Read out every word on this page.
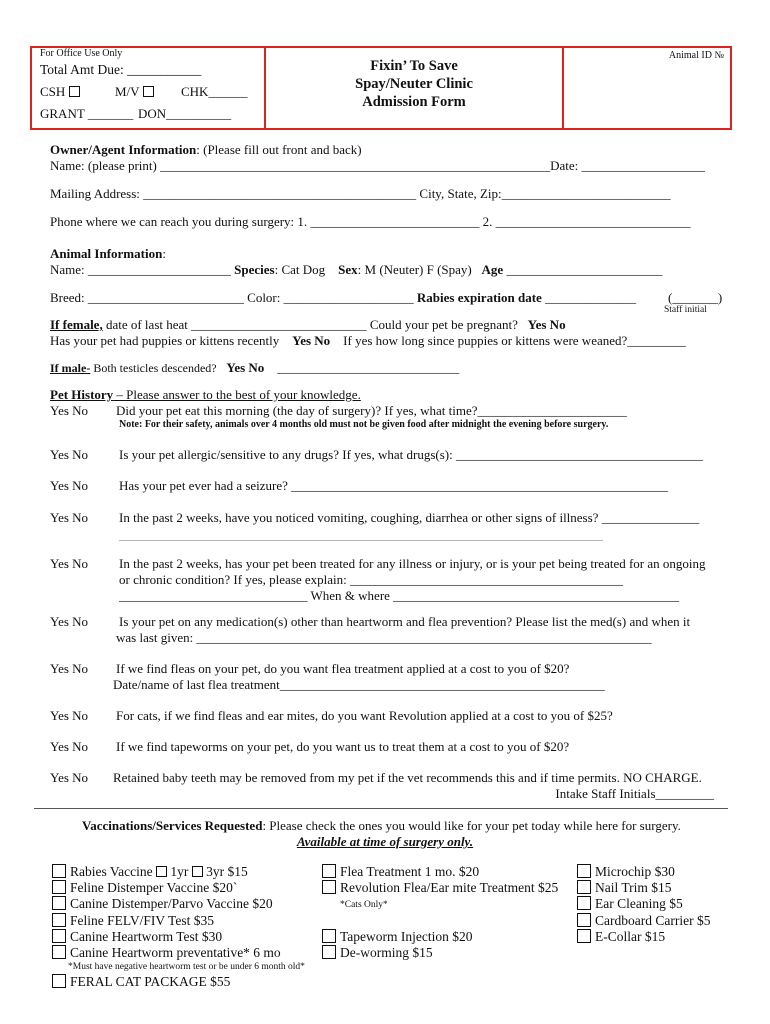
For Office Use Only
Total Amt Due: ___________
CSH	M/V	CHK______
GRANT _______ DON__________
Fixin’ To Save
Spay/Neuter Clinic
Admission Form
Animal ID №
Owner/Agent Information: (Please fill out front and back)
Name: (please print) ____________________________________________________________Date: ___________________
Mailing Address: __________________________________________ City, State, Zip:__________________________
Phone where we can reach you during surgery: 1. __________________________ 2. ______________________________
Animal Information:
Name: ______________________ Species: Cat Dog Sex: M (Neuter) F (Spay) Age ________________________
Breed: ________________________ Color: ____________________ Rabies expiration date ______________ (_______)
Staff initial
If female, date of last heat ___________________________ Could your pet be pregnant? Yes No
Has your pet had puppies or kittens recently Yes No If yes how long since puppies or kittens were weaned?_________
If male- Both testicles descended? Yes No ____________________________
Pet History – Please answer to the best of your knowledge.
Yes No Did your pet eat this morning (the day of surgery)? If yes, what time?_______________________
Note: For their safety, animals over 4 months old must not be given food after midnight the evening before surgery.
Yes No Is your pet allergic/sensitive to any drugs? If yes, what drugs(s): ______________________________________
Yes No Has your pet ever had a seizure? __________________________________________________________
Yes No In the past 2 weeks, have you noticed vomiting, coughing, diarrhea or other signs of illness? _______________
________________________________________________________________________________________
Yes No In the past 2 weeks, has your pet been treated for any illness or injury, or is your pet being treated for an ongoing
or chronic condition? If yes, please explain: __________________________________________
_____________________________ When & where ____________________________________________
Yes No Is your pet on any medication(s) other than heartworm and flea prevention? Please list the med(s) and when it
was last given: ______________________________________________________________________
Yes No If we find fleas on your pet, do you want flea treatment applied at a cost to you of $20?
Date/name of last flea treatment__________________________________________________
Yes No For cats, if we find fleas and ear mites, do you want Revolution applied at a cost to you of $25?
Yes No If we find tapeworms on your pet, do you want us to treat them at a cost to you of $20?
Yes No Retained baby teeth may be removed from my pet if the vet recommends this and if time permits. NO CHARGE.
Intake Staff Initials_________
Vaccinations/Services Requested: Please check the ones you would like for your pet today while here for surgery.
Available at time of surgery only.
Rabies Vaccine 1yr 3yr $15
Feline Distemper Vaccine $20`
Canine Distemper/Parvo Vaccine $20
Feline FELV/FIV Test $35
Canine Heartworm Test $30
Canine Heartworm preventative* 6 mo
*Must have negative heartworm test or be under 6 month old*
FERAL CAT PACKAGE $55
Flea Treatment 1 mo. $20
Revolution Flea/Ear mite Treatment $25
*Cats Only*
Tapeworm Injection $20
De-worming $15
Microchip $30
Nail Trim $15
Ear Cleaning $5
Cardboard Carrier $5
E-Collar $15
